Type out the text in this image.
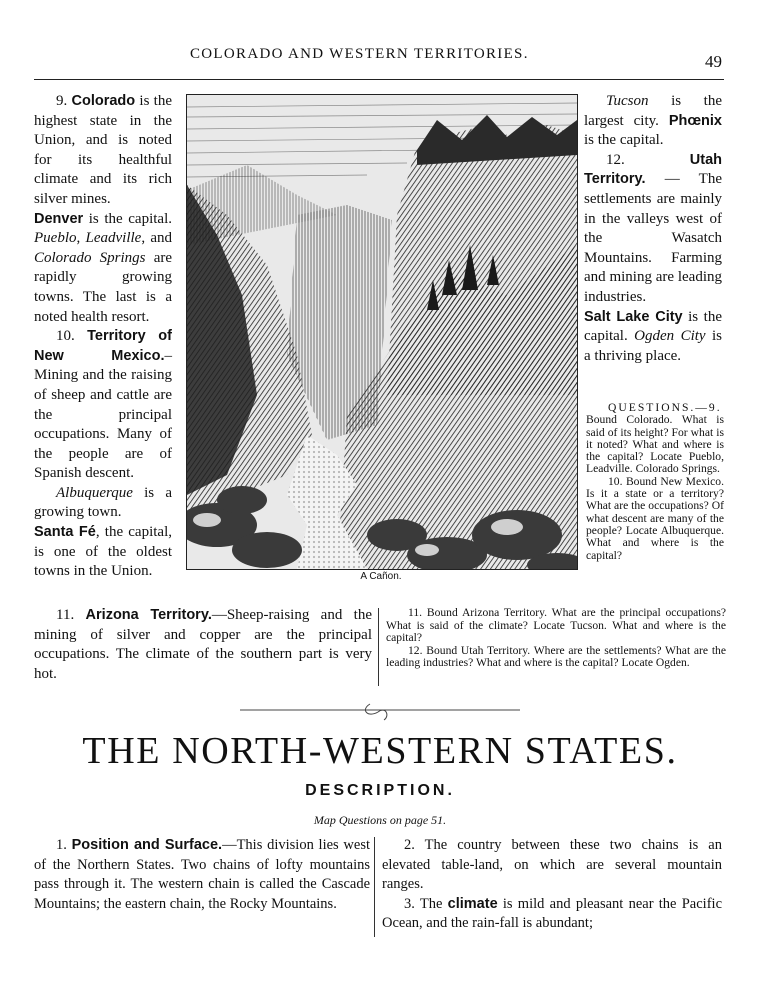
COLORADO AND WESTERN TERRITORIES.	49

9. Colorado is the highest state in the Union, and is noted for its healthful climate and its rich silver mines.

Denver is the capital. Pueblo, Leadville, and Colorado Springs are rapidly growing towns. The last is a noted health resort.

10. Territory of New Mexico.–Mining and the raising of sheep and cattle are the principal occupations. Many of the people are of Spanish descent.

Albuquerque is a growing town.

Santa Fé, the capital, is one of the oldest towns in the Union.	A Cañon.

Tucson is the largest city. Phœnix is the capital.

12.	Utah Territory. — The settlements are mainly in the valleys west of the Wasatch Mountains. Farming and mining are leading industries.

Salt Lake City is the capital. Ogden City is a thriving place.

QUESTIONS.—9.

Bound Colorado. What is said of its height? For what is it noted? What and where is the capital? Locate Pueblo, Leadville. Colorado Springs.

10. Bound New Mexico. Is it a state or a territory? What are the occupations? Of what descent are many of the people? Locate Albuquerque. What and where is the capital?

11. Arizona Territory.—Sheep-raising and the mining of silver and copper are the principal occupations. The climate of the southern part is very hot.

11. Bound Arizona Territory. What are the principal occupations? What is said of the climate? Locate Tucson. What and where is the capital?

12. Bound Utah Territory. Where are the settlements? What are the leading industries? What and where is the capital? Locate Ogden.

THE NORTH-WESTERN STATES.
DESCRIPTION.
Map Questions on page 51.

1. Position and Surface.—This division lies west of the Northern States. Two chains of lofty mountains pass through it. The western chain is called the Cascade Mountains; the eastern chain, the Rocky Mountains.

2. The country between these two chains is an elevated table-land, on which are several mountain ranges.

3. The climate is mild and pleasant near the Pacific Ocean, and the rain-fall is abundant;
